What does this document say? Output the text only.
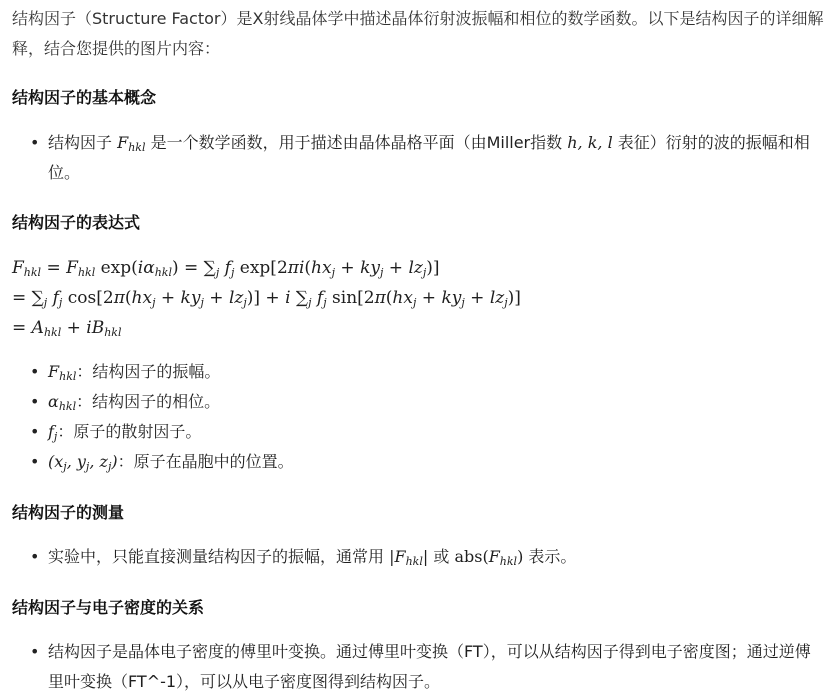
结构因子（Structure Factor）是X射线晶体学中描述晶体衍射波振幅和相位的数学函数。以下是结构因子的详细解释，结合您提供的图片内容：
结构因子的基本概念
• 结构因子 $F_{hkl}$ 是一个数学函数，用于描述由晶体晶格平面（由Miller指数 h, k, l 表征）衍射的波的振幅和相位。
结构因子的表达式
$F_{hkl} = F_{hkl}$ $\exp(i\alpha_{hkl}) = \sum_j$ $f_j$ $\exp[2\pi i(hx_j + ky_j + lz_j)]$
= $\sum_j$ $f_j$ $\cos[2\pi(hx_j + ky_j + lz_j)] + i$ $\sum_j$ $f_j$ $\sin[2\pi(hx_j + ky_j + lz_j)]$
= $A_{hkl} + iB_{hkl}$
• $F_{hkl}$：结构因子的振幅。
• $\alpha_{hkl}$：结构因子的相位。
• $f_j$：原子的散射因子。
• ($x_j$, $y_j$, $z_j$)：原子在晶胞中的位置。
结构因子的测量
• 实验中，只能直接测量结构因子的振幅，通常用 $|F_{hkl}|$ 或 $abs(F_{hkl})$ 表示。
结构因子与电子密度的关系
• 结构因子是晶体电子密度的傅里叶变换。通过傅里叶变换（FT），可以从结构因子得到电子密度图；通过逆傅里叶变换（FT^-1），可以从电子密度图得到结构因子。
